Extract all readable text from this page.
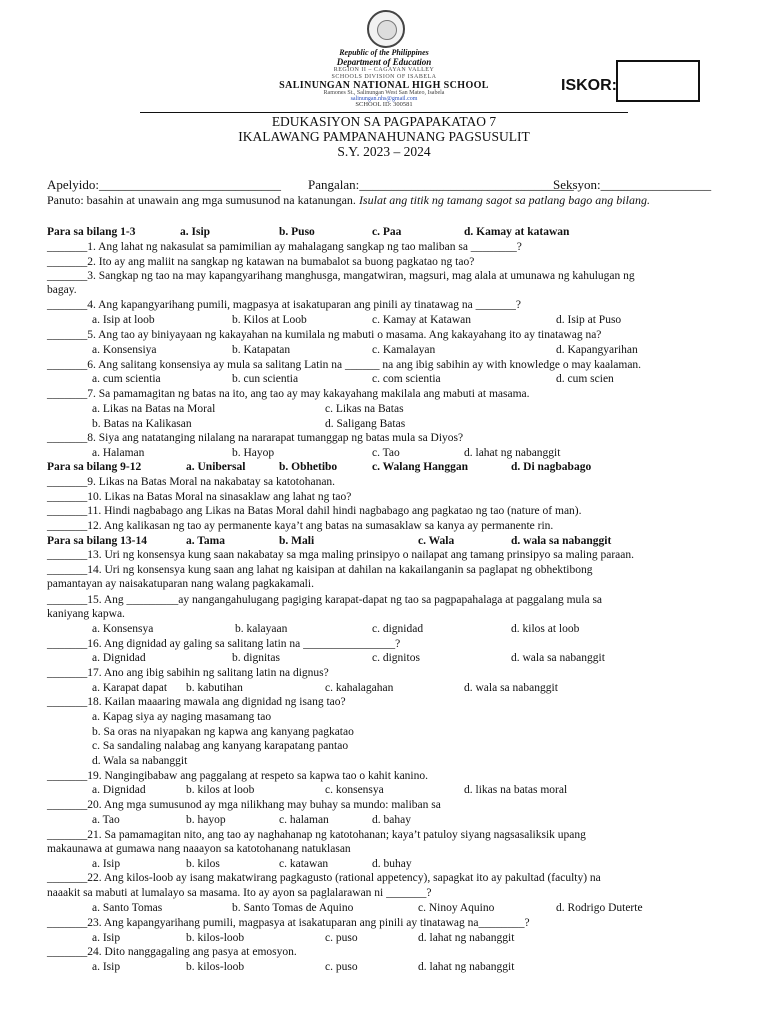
Republic of the Philippines
Department of Education
REGION II – CAGAYAN VALLEY
SCHOOLS DIVISION OF ISABELA
SALINUNGAN NATIONAL HIGH SCHOOL
Ramones St., Salinungan West San Mateo, Isabela
salinungan.nhs@gmail.com
SCHOOL ID: 300581
ISKOR:
EDUKASIYON SA PAGPAPAKATAO 7
IKALAWANG PAMPANAHUNANG PAGSUSULIT
S.Y. 2023 – 2024
Apelyido:____________________________ Pangalan:_________________________________
Seksyon:_________________
Panuto: basahin at unawain ang mga sumusunod na katanungan. Isulat ang titik ng tamang sagot sa patlang bago ang bilang.
Para sa bilang 1-3	a. Isip	b. Puso	c. Paa	d. Kamay at katawan
_______1. Ang lahat ng nakasulat sa pamimilian ay mahalagang sangkap ng tao maliban sa ________?
_______2. Ito ay ang maliit na sangkap ng katawan na bumabalot sa buong pagkatao ng tao?
_______3. Sangkap ng tao na may kapangyarihang manghusga, mangatwiran, magsuri, mag alala at umunawa ng kahulugan ng
bagay.
_______4. Ang kapangyarihang pumili, magpasya at isakatuparan ang pinili ay tinatawag na _______?
a. Isip at loob	b. Kilos at Loob	c. Kamay at Katawan	d. Isip at Puso
_______5. Ang tao ay biniyayaan ng kakayahan na kumilala ng mabuti o masama. Ang kakayahang ito ay tinatawag na?
a. Konsensiya	b. Katapatan	c. Kamalayan	d. Kapangyarihan
_______6. Ang salitang konsensiya ay mula sa salitang Latin na ______ na ang ibig sabihin ay with knowledge o may kaalaman.
a. cum scientia	b. cun scientia	c. com scientia	d. cum scien
_______7. Sa pamamagitan ng batas na ito, ang tao ay may kakayahang makilala ang mabuti at masama.
a. Likas na Batas na Moral	c. Likas na Batas
b. Batas na Kalikasan	d. Saligang Batas
_______8. Siya ang natatanging nilalang na nararapat tumanggap ng batas mula sa Diyos?
a. Halaman	b. Hayop	c. Tao	d. lahat ng nabanggit
Para sa bilang 9-12	a. Unibersal	b. Obhetibo	c. Walang Hanggan	d. Di nagbabago
_______9. Likas na Batas Moral na nakabatay sa katotohanan.
_______10. Likas na Batas Moral na sinasaklaw ang lahat ng tao?
_______11. Hindi nagbabago ang Likas na Batas Moral dahil hindi nagbabago ang pagkatao ng tao (nature of man).
_______12. Ang kalikasan ng tao ay permanente kaya’t ang batas na sumasaklaw sa kanya ay permanente rin.
Para sa bilang 13-14	a. Tama	b. Mali	c. Wala	d. wala sa nabanggit
_______13. Uri ng konsensya kung saan nakabatay sa mga maling prinsipyo o nailapat ang tamang prinsipyo sa maling paraan.
_______14. Uri ng konsensya kung saan ang lahat ng kaisipan at dahilan na kakailanganin sa paglapat ng obhektibong
pamantayan ay naisakatuparan nang walang pagkakamali.
_______15. Ang _________ay nangangahulugang pagiging karapat-dapat ng tao sa pagpapahalaga at paggalang mula sa
kaniyang kapwa.
a. Konsensya	b. kalayaan	c. dignidad	d. kilos at loob
_______16. Ang dignidad ay galing sa salitang latin na ________________?
a. Dignidad	b. dignitas	c. dignitos	d. wala sa nabanggit
_______17. Ano ang ibig sabihin ng salitang latin na dignus?
a. Karapat dapat b. kabutihan	c. kahalagahan	d. wala sa nabanggit
_______18. Kailan maaaring mawala ang dignidad ng isang tao?
a. Kapag siya ay naging masamang tao
b. Sa oras na niyapakan ng kapwa ang kanyang pagkatao
c. Sa sandaling nalabag ang kanyang karapatang pantao
d. Wala sa nabanggit
_______19. Nangingibabaw ang paggalang at respeto sa kapwa tao o kahit kanino.
a. Dignidad	b. kilos at loob	c. konsensya	d. likas na batas moral
_______20. Ang mga sumusunod ay mga nilikhang may buhay sa mundo: maliban sa
a. Tao	b. hayop	c. halaman	d. bahay
_______21. Sa pamamagitan nito, ang tao ay naghahanap ng katotohanan; kaya’t patuloy siyang nagsasaliksik upang
makaunawa at gumawa nang naaayon sa katotohanang natuklasan
a. Isip	b. kilos	c. katawan	d. buhay
_______22. Ang kilos-loob ay isang makatwirang pagkagusto (rational appetency), sapagkat ito ay pakultad (faculty) na
naaakit sa mabuti at lumalayo sa masama. Ito ay ayon sa paglalarawan ni _______?
a. Santo Tomas	b. Santo Tomas de Aquino	c. Ninoy Aquino	d. Rodrigo Duterte
_______23. Ang kapangyarihang pumili, magpasya at isakatuparan ang pinili ay tinatawag na________?
a. Isip	b. kilos-loob	c. puso	d. lahat ng nabanggit
_______24. Dito nanggagaling ang pasya at emosyon.
a. Isip	b. kilos-loob	c. puso	d. lahat ng nabanggit
